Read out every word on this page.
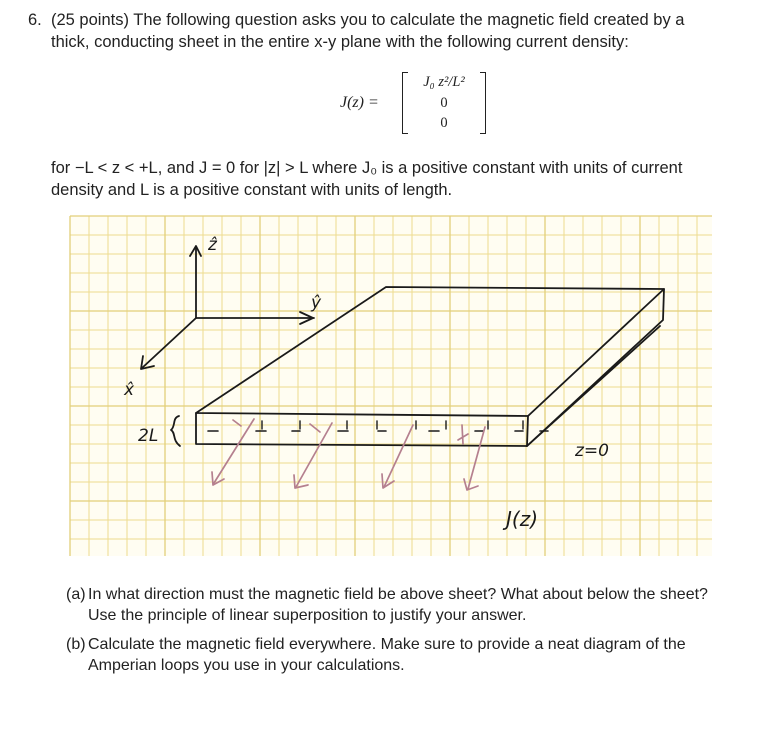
6. (25 points) The following question asks you to calculate the magnetic field created by a
thick, conducting sheet in the entire x-y plane with the following current density:
J(z) =
J₀ z²/L²
0
0
for −L < z < +L, and J = 0 for |z| > L where J₀ is a positive constant with units of current
density and L is a positive constant with units of length.
ẑ
ŷ
x̂
2L
z=0
J(z)
(a) In what direction must the magnetic field be above sheet? What about below the sheet?
Use the principle of linear superposition to justify your answer.
(b) Calculate the magnetic field everywhere. Make sure to provide a neat diagram of the
Amperian loops you use in your calculations.
